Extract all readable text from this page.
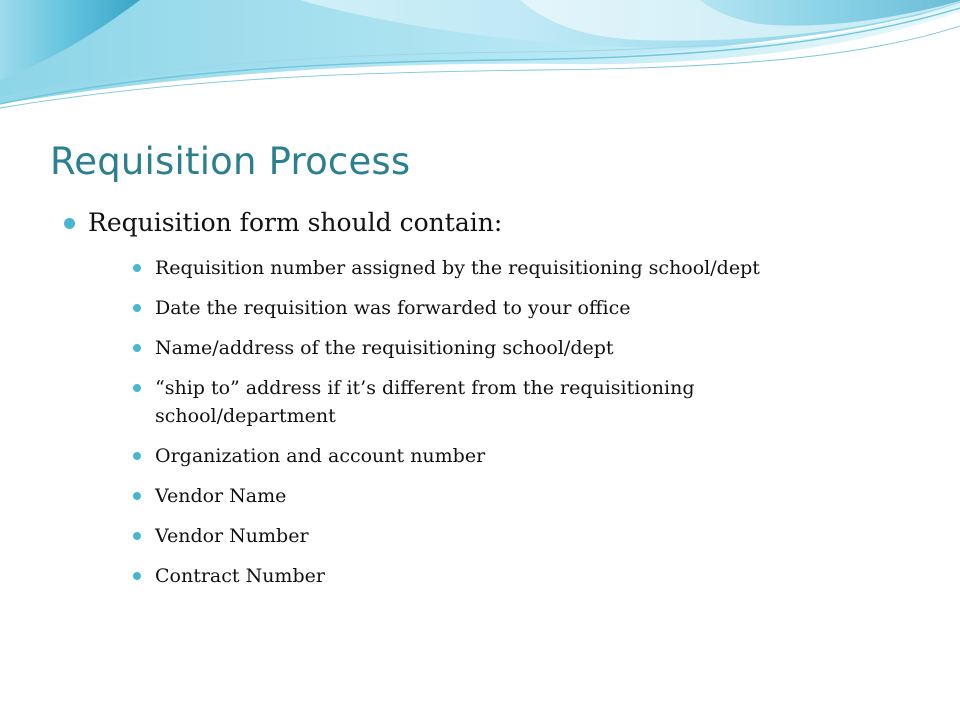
Requisition Process
Requisition form should contain:
Requisition number assigned by the requisitioning school/dept
Date the requisition was forwarded to your office
Name/address of the requisitioning school/dept
“ship to” address if it’s different from the requisitioning school/department
Organization and account number
Vendor Name
Vendor Number
Contract Number
